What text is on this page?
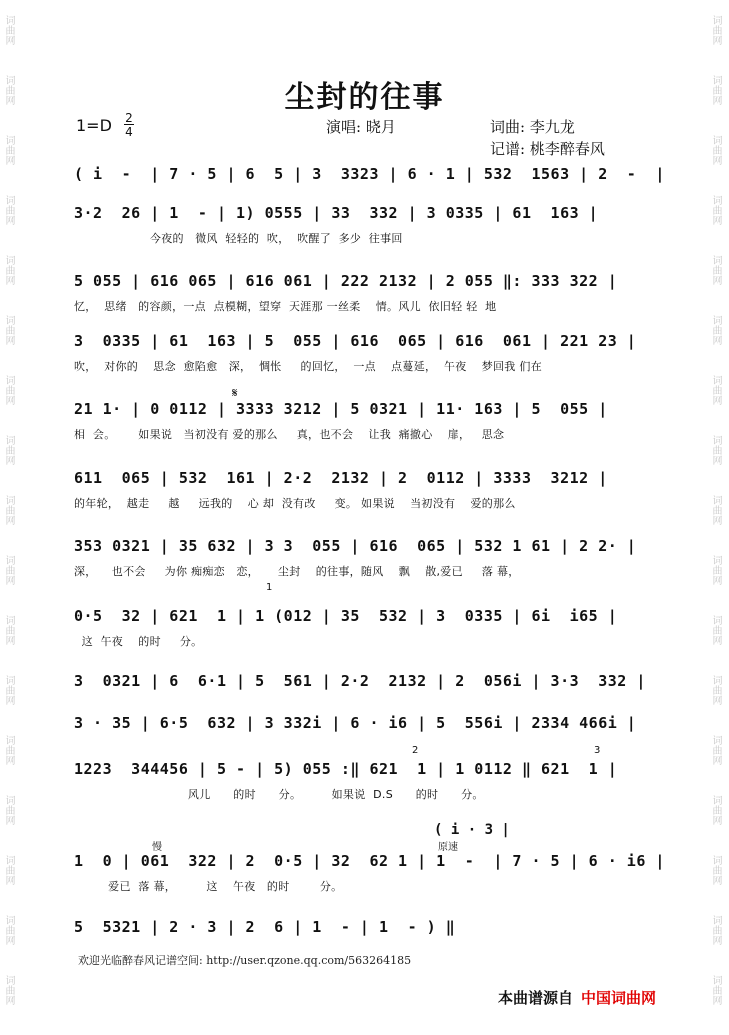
词曲网
词曲网
词曲网
词曲网
词曲网
词曲网
词曲网
词曲网
词曲网
词曲网
词曲网
词曲网
词曲网
词曲网
词曲网
词曲网
词曲网
词曲网
词曲网
词曲网
词曲网
词曲网
词曲网
词曲网
词曲网
词曲网
词曲网
词曲网
词曲网
词曲网
词曲网
词曲网
词曲网
词曲网
尘封的往事
1=D 2
4	演唱: 晓月	词曲: 李九龙
记谱: 桃李醉春风
( i  -  | 7 · 5 | 6  5 | 3  3323 | 6 · 1 | 532  1563 | 2  -  |
3·2  26 | 1  - | 1) 0555 | 33  332 | 3 0335 | 61  163 |
今夜的   微风  轻轻的  吹，  吹醒了  多少  往事回
5 055 | 616 065 | 616 061 | 222 2132 | 2 055 ‖: 333 322 |
忆，  思绪   的容颜，一点  点模糊，望穿  天涯那 一丝柔    情。风儿  依旧轻 轻  地
3  0335 | 61  163 | 5  055 | 616  065 | 616  061 | 221 23 |
吹，  对你的    思念  愈陷愈   深，  惆怅     的回忆，  一点    点蔓延，  午夜    梦回我 们在
21 1· | 0 0112 | 3333 3212 | 5 0321 | 11· 163 | 5  055 |
相  会。      如果说   当初没有 爱的那么     真，也不会    让我  痛撤心    扉，   思念
611  065 | 532  161 | 2·2  2132 | 2  0112 | 3333  3212 |
的年轮，  越走     越     远我的    心 却  没有改     变。 如果说    当初没有    爱的那么
353 0321 | 35 632 | 3 3  055 | 616  065 | 532 1 61 | 2 2· |
深，    也不会     为你 痴痴恋   恋，     尘封    的往事，随风    飘    散,爱已     落 幕，
0·5  32 | 621  1 | 1 (012 | 35  532 | 3  0335 | 6i  i65 |
这  午夜    的时     分。
3  0321 | 6  6·1 | 5  561 | 2·2  2132 | 2  056i | 3·3  332 |
3 · 35 | 6·5  632 | 3 332i | 6 · i6 | 5  556i | 2334 466i |
1223  344456 | 5 - | 5) 055 :‖ 621  1 | 1 0112 ‖ 621  1 |
风儿      的时      分。        如果说  D.S      的时      分。
1  0 | 061  322 | 2  0·5 | 32  62 1 | 1  -  | 7 · 5 | 6 · i6 |
爱已  落 幕，        这    午夜   的时        分。
5  5321 | 2 · 3 | 2  6 | 1  - | 1  - ) ‖
𝄋
2	3
1
( i · 3 |
慢	原速
欢迎光临醉春风记谱空间: http://user.qzone.qq.com/563264185
本曲谱源自 中国词曲网
